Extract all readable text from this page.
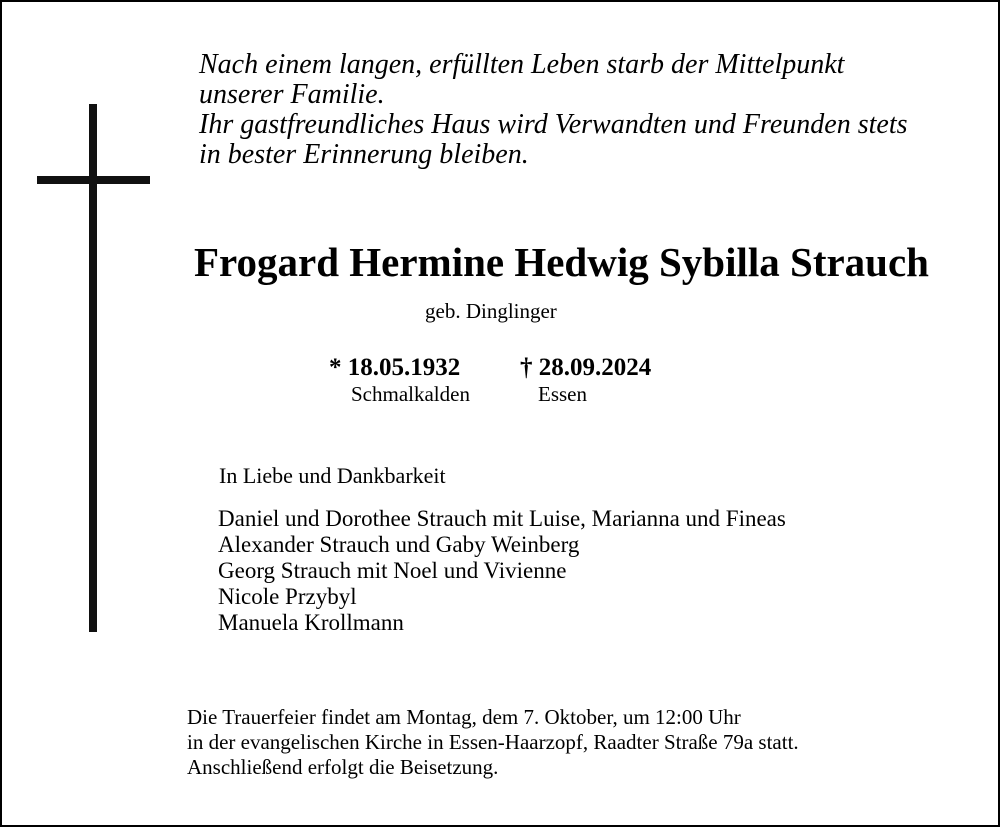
Nach einem langen, erfüllten Leben starb der Mittelpunkt
unserer Familie.
Ihr gastfreundliches Haus wird Verwandten und Freunden stets
in bester Erinnerung bleiben.
Frogard Hermine Hedwig Sybilla Strauch
geb. Dinglinger
* 18.05.1932
Schmalkalden
† 28.09.2024
Essen
In Liebe und Dankbarkeit
Daniel und Dorothee Strauch mit Luise, Marianna und Fineas
Alexander Strauch und Gaby Weinberg
Georg Strauch mit Noel und Vivienne
Nicole Przybyl
Manuela Krollmann
Die Trauerfeier findet am Montag, dem 7. Oktober, um 12:00 Uhr
in der evangelischen Kirche in Essen-Haarzopf, Raadter Straße 79a statt.
Anschließend erfolgt die Beisetzung.
